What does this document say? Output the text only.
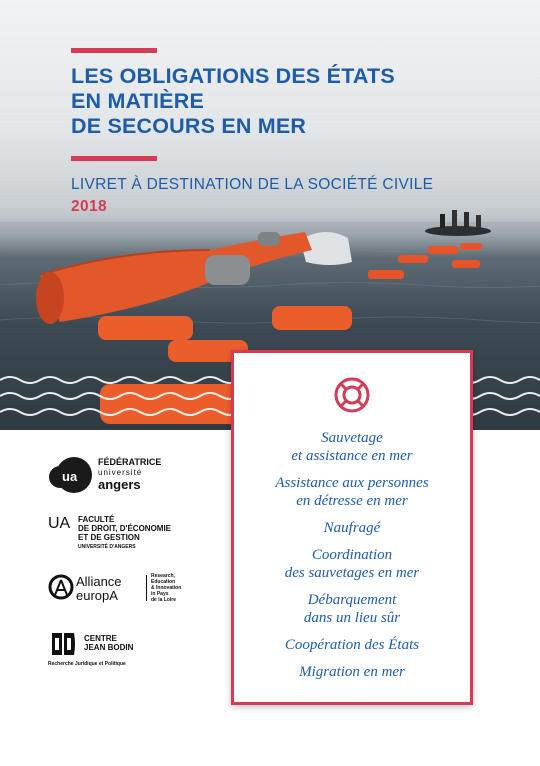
LES OBLIGATIONS DES ÉTATS
EN MATIÈRE
DE SECOURS EN MER
LIVRET À DESTINATION DE LA SOCIÉTÉ CIVILE
2018
Sauvetage
et assistance en mer
Assistance aux personnes
en détresse en mer
Naufragé
Coordination
des sauvetages en mer
Débarquement
dans un lieu sûr
Coopération des États
Migration en mer
ua
FÉDÉRATRICE
université
angers
UA FACULTÉ
DE DROIT, D'ÉCONOMIE
ET DE GESTION
UNIVERSITÉ D'ANGERS
Alliance
europA
Research,
Education
& Innovation
in Pays
de la Loire
CENTRE
JEAN BODIN
Recherche Juridique et Politique
